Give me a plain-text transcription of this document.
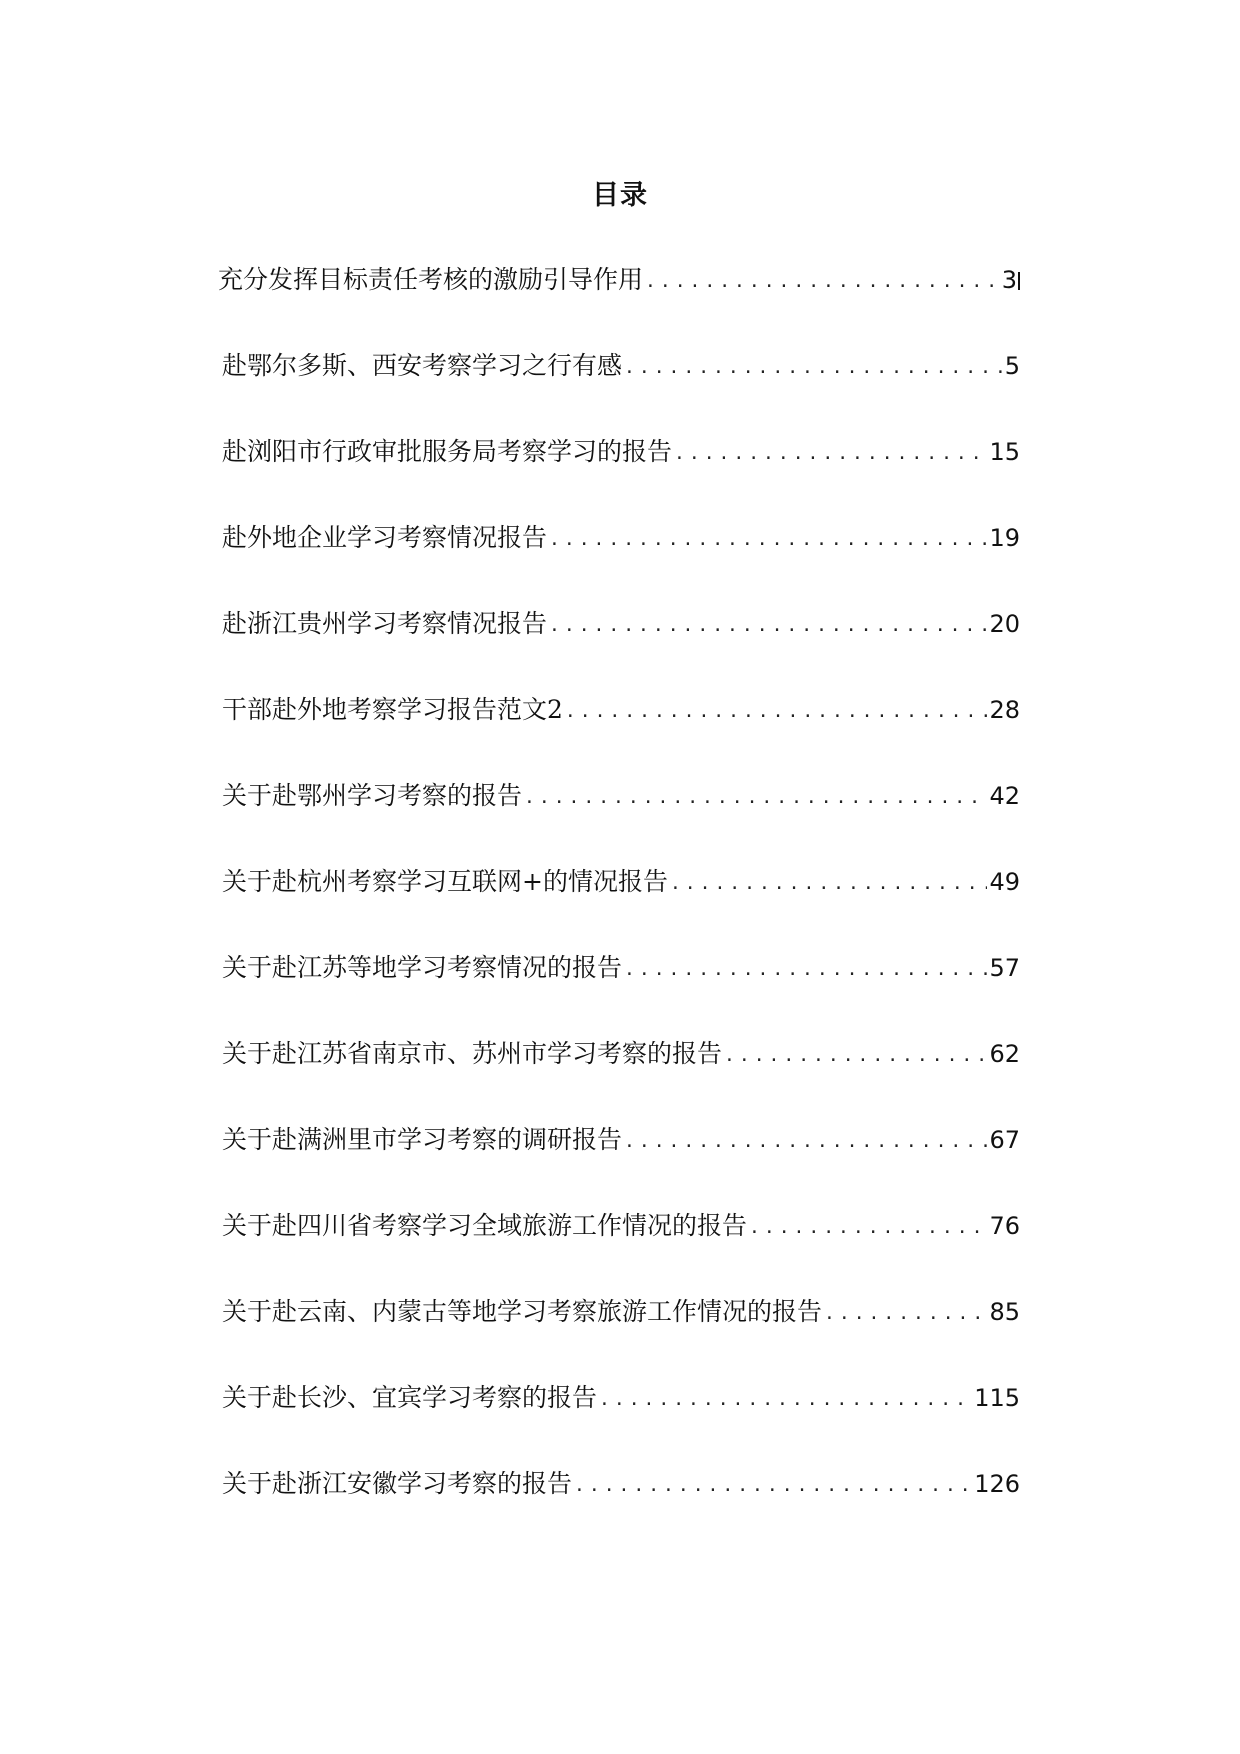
目录
充分发挥目标责任考核的激励引导作用 .....	3
赴鄂尔多斯、西安考察学习之行有感 .....	5
赴浏阳市行政审批服务局考察学习的报告 .....	15
赴外地企业学习考察情况报告 .....	19
赴浙江贵州学习考察情况报告 .....	20
干部赴外地考察学习报告范文2 .....	28
关于赴鄂州学习考察的报告 .....	42
关于赴杭州考察学习互联网+的情况报告 .....	49
关于赴江苏等地学习考察情况的报告 .....	57
关于赴江苏省南京市、苏州市学习考察的报告 .....	62
关于赴满洲里市学习考察的调研报告 .....	67
关于赴四川省考察学习全域旅游工作情况的报告 .....	76
关于赴云南、内蒙古等地学习考察旅游工作情况的报告 .....	85
关于赴长沙、宜宾学习考察的报告 .....	115
关于赴浙江安徽学习考察的报告 .....	126
